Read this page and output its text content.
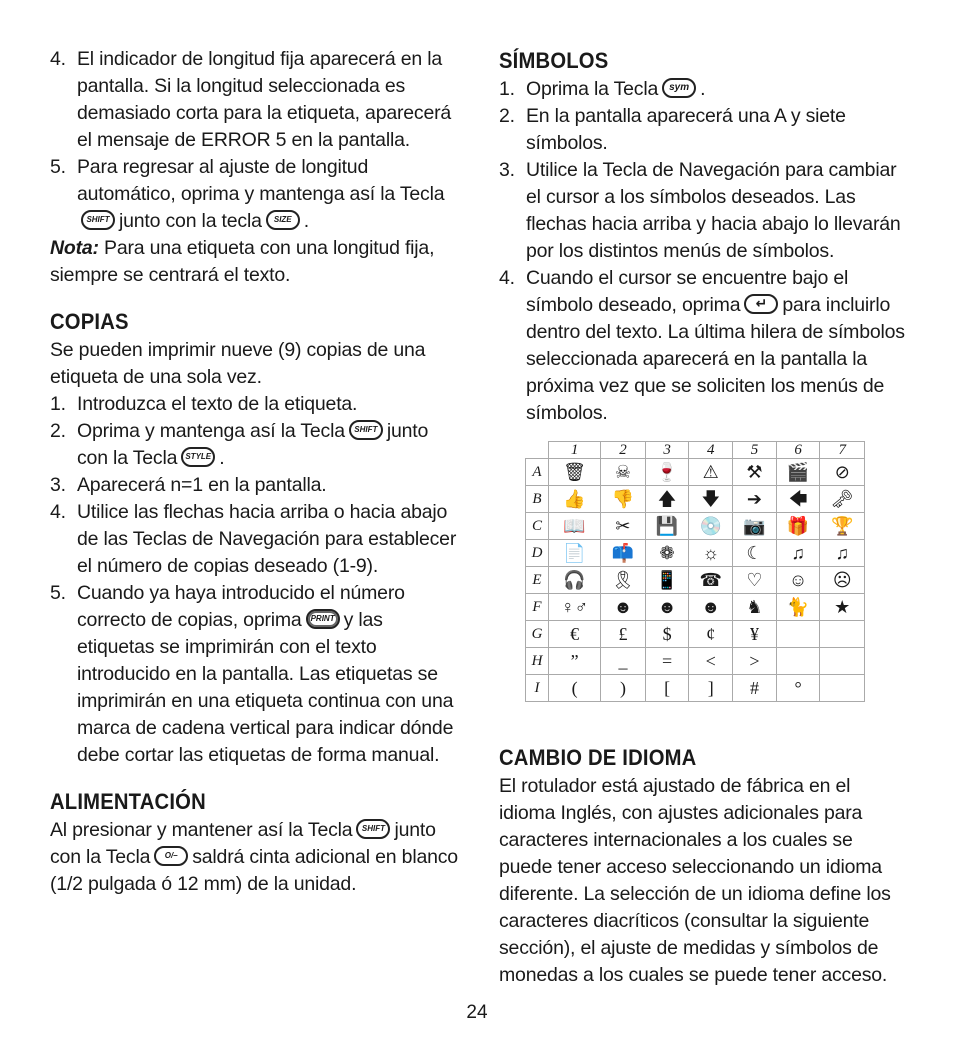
4. El indicador de longitud fija aparecerá en la pantalla. Si la longitud seleccionada es demasiado corta para la etiqueta, aparecerá el mensaje de ERROR 5 en la pantalla.
5. Para regresar al ajuste de longitud automático, oprima y mantenga así la TeclaSHIFT junto con la tecla SIZE .

Nota: Para una etiqueta con una longitud fija, siempre se centrará el texto.

COPIAS

Se pueden imprimir nueve (9) copias de una etiqueta de una sola vez.

1. Introduzca el texto de la etiqueta.
2. Oprima y mantenga así la Tecla SHIFT junto con la Tecla STYLE .
3. Aparecerá n=1 en la pantalla.
4. Utilice las flechas hacia arriba o hacia abajo de las Teclas de Navegación para establecer el número de copias deseado (1-9).
5. Cuando ya haya introducido el número correcto de copias, oprima PRINT y las etiquetas se imprimirán con el texto introducido en la pantalla. Las etiquetas se imprimirán en una etiqueta continua con una marca de cadena vertical para indicar dónde debe cortar las etiquetas de forma manual.
ALIMENTACIÓN

Al presionar y mantener así la Tecla SHIFT junto con la Tecla O/– saldrá cinta adicional en blanco (1/2 pulgada ó 12 mm) de la unidad.

SÍMBOLOS
1. Oprima la Tecla sym .
2. En la pantalla aparecerá una A y siete símbolos.
3. Utilice la Tecla de Navegación para cambiar el cursor a los símbolos deseados. Las flechas hacia arriba y hacia abajo lo llevarán por los distintos menús de símbolos.
4. Cuando el cursor se encuentre bajo el símbolo deseado, oprima ↵ para incluirlo dentro del texto. La última hilera de símbolos seleccionada aparecerá en la pantalla la próxima vez que se soliciten los menús de símbolos.
CAMBIO DE IDIOMA

El rotulador está ajustado de fábrica en el idioma Inglés, con ajustes adicionales para caracteres internacionales a los cuales se puede tener acceso seleccionando un idioma diferente. La selección de un idioma define los caracteres diacríticos (consultar la siguiente sección), el ajuste de medidas y símbolos de monedas a los cuales se puede tener acceso.

	1	2	3	4	5	6	7
A	🗑	☠	🍷	⚠	⚒	🎬	⊘
B	👍	👎	🡅	🡇	➔	🡄	🗝
C	📖	✂	💾	💿	📷	🎁	🏆
D	📄	📫	❁	☼	☾	♫	♫
E	🎧	🎗	📱	☎	♡	☺	☹
F	♀♂	☻	☻	☻	♞	🐈	★
G	€	£	$	¢	¥		
H	”	_	=	<	>		
I	(	)	[	]	#	°	
24
